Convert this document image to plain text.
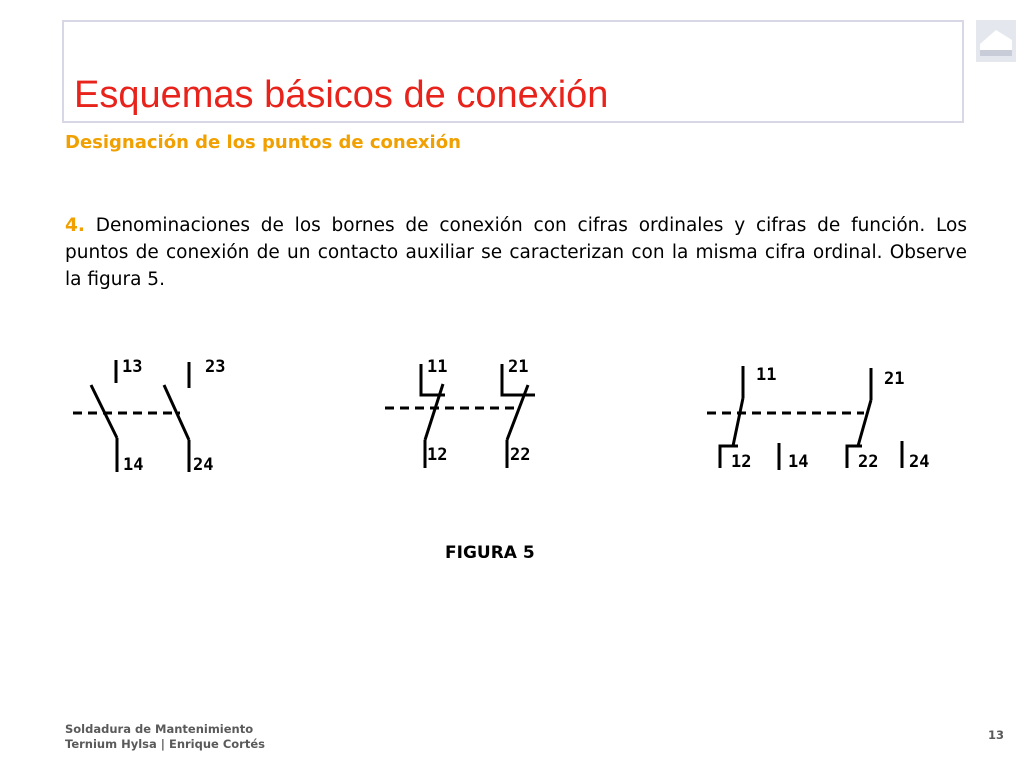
Esquemas básicos de conexión
Designación de los puntos de conexión
4. Denominaciones de los bornes de conexión con cifras ordinales y cifras de función. Los puntos de conexión de un contacto auxiliar se caracterizan con la misma cifra ordinal. Observe la figura 5.
13	23
14	24
11	21
12	22
11	21
12 14	22 24
FIGURA 5
Soldadura de Mantenimiento
Ternium Hylsa | Enrique Cortés
13
